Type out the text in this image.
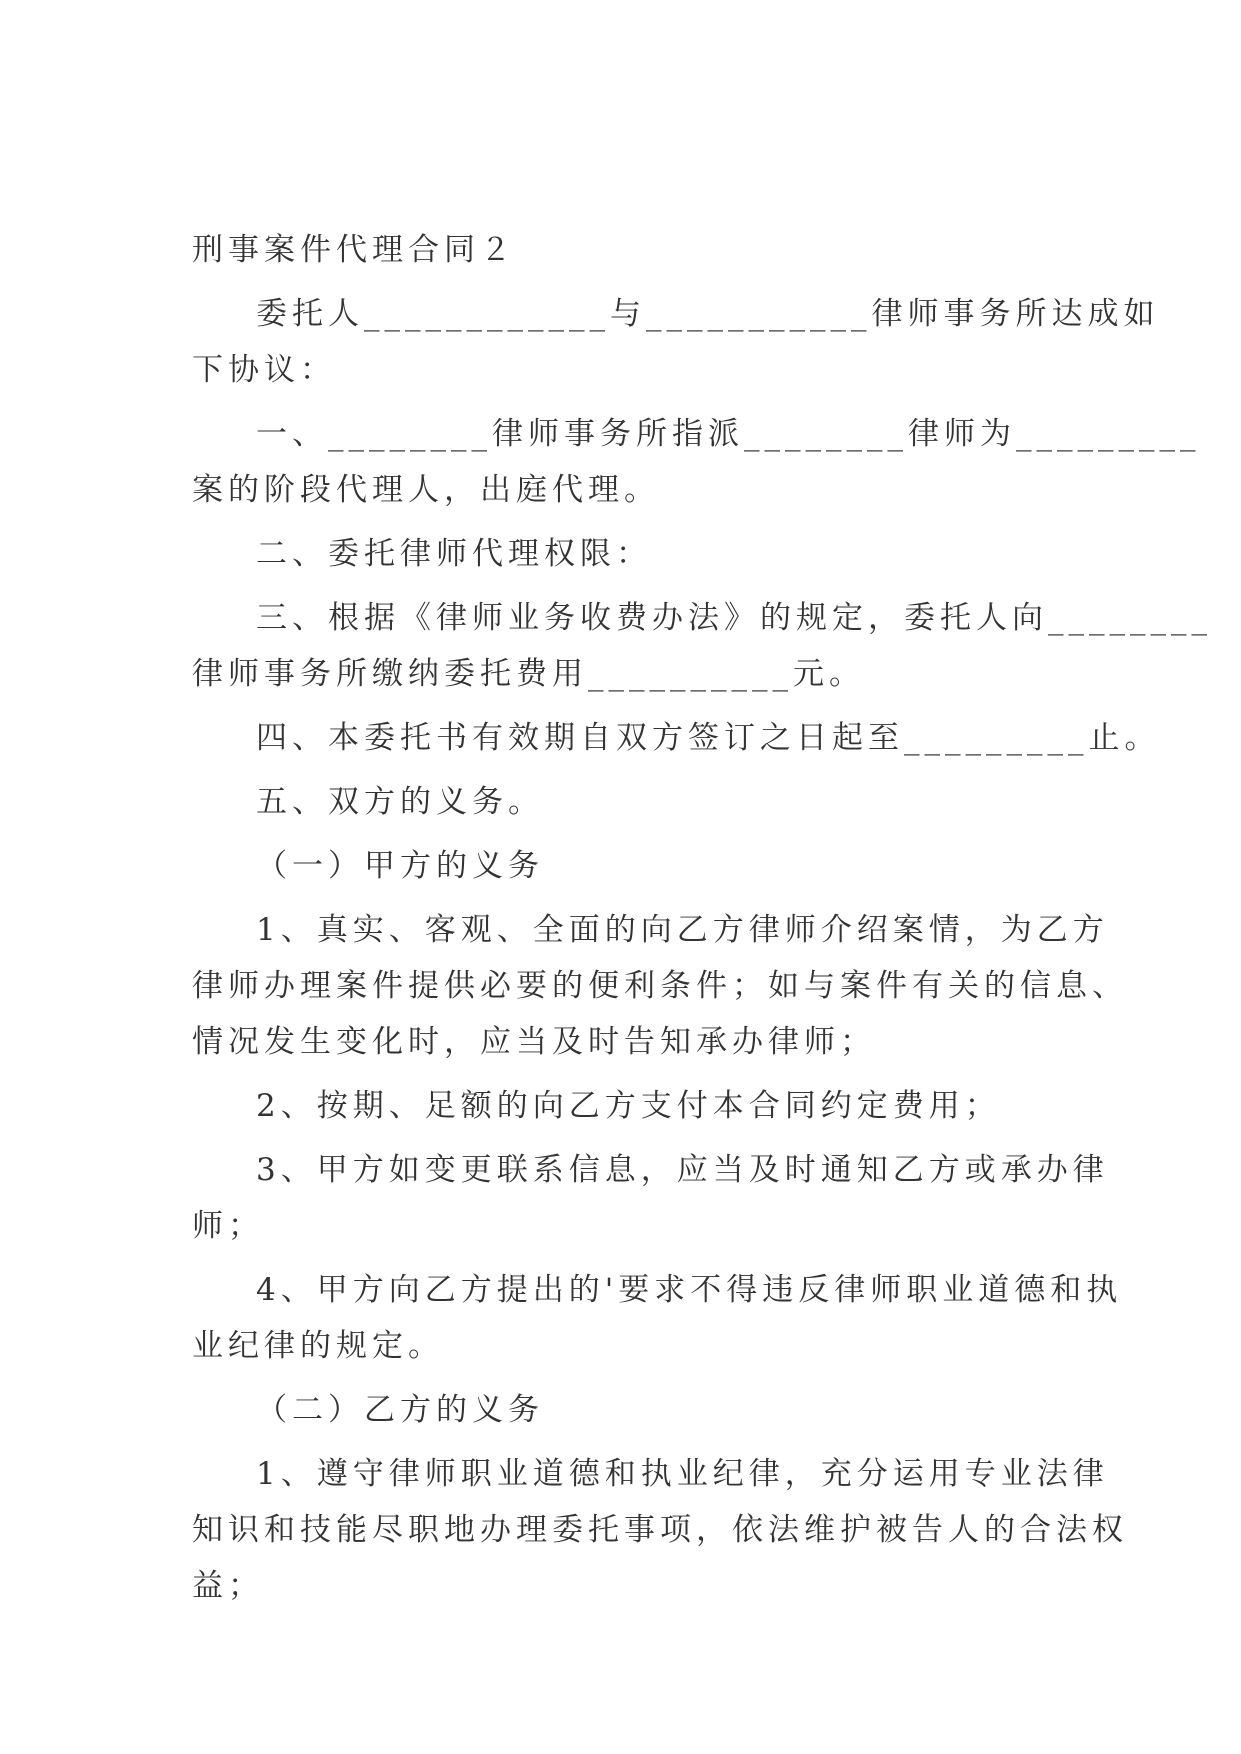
刑事案件代理合同２
委托人____________与___________律师事务所达成如
下协议：
一、________律师事务所指派________律师为_________
案的阶段代理人，出庭代理。
二、委托律师代理权限：
三、根据《律师业务收费办法》的规定，委托人向________
律师事务所缴纳委托费用__________元。
四、本委托书有效期自双方签订之日起至_________止。
五、双方的义务。
（一）甲方的义务
1、真实、客观、全面的向乙方律师介绍案情，为乙方
律师办理案件提供必要的便利条件；如与案件有关的信息、
情况发生变化时，应当及时告知承办律师；
2、按期、足额的向乙方支付本合同约定费用；
3、甲方如变更联系信息，应当及时通知乙方或承办律
师；
4、甲方向乙方提出的'要求不得违反律师职业道德和执
业纪律的规定。
（二）乙方的义务
1、遵守律师职业道德和执业纪律，充分运用专业法律
知识和技能尽职地办理委托事项，依法维护被告人的合法权
益；
